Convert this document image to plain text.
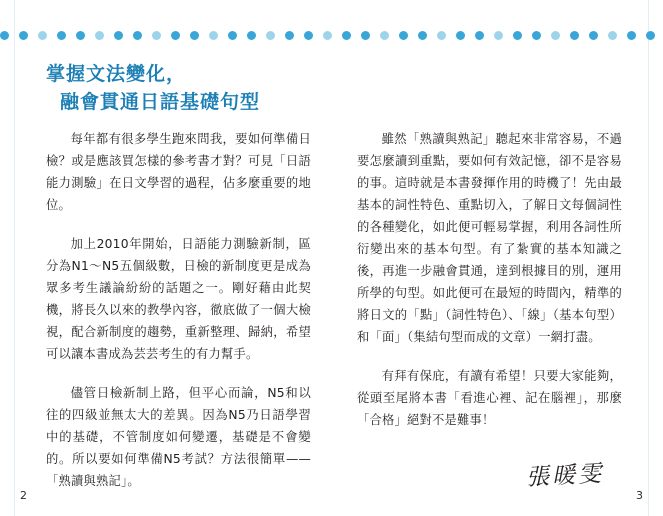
掌握文法變化，
融會貫通日語基礎句型

每年都有很多學生跑來問我，要如何準備日檢？或是應該買怎樣的參考書才對？可見「日語能力測驗」在日文學習的過程，佔多麼重要的地位。

加上2010年開始，日語能力測驗新制，區分為N1〜N5五個級數，日檢的新制度更是成為眾多考生議論紛紛的話題之一。剛好藉由此契機，將長久以來的教學內容，徹底做了一個大檢視，配合新制度的趨勢，重新整理、歸納，希望可以讓本書成為芸芸考生的有力幫手。

儘管日檢新制上路，但平心而論，N5和以往的四級並無太大的差異。因為N5乃日語學習中的基礎，不管制度如何變遷，基礎是不會變的。所以要如何準備N5考試？方法很簡單——「熟讀與熟記」。

雖然「熟讀與熟記」聽起來非常容易，不過要怎麼讀到重點，要如何有效記憶，卻不是容易的事。這時就是本書發揮作用的時機了！先由最基本的詞性特色、重點切入，了解日文每個詞性的各種變化，如此便可輕易掌握，利用各詞性所衍變出來的基本句型。有了紮實的基本知識之後，再進一步融會貫通，達到根據目的別，運用所學的句型。如此便可在最短的時間內，精準的將日文的「點」（詞性特色）、「線」（基本句型）和「面」（集結句型而成的文章）一網打盡。

有拜有保庇，有讀有希望！只要大家能夠，從頭至尾將本書「看進心裡、記在腦裡」，那麼「合格」絕對不是難事！

張暖雯
2	3
